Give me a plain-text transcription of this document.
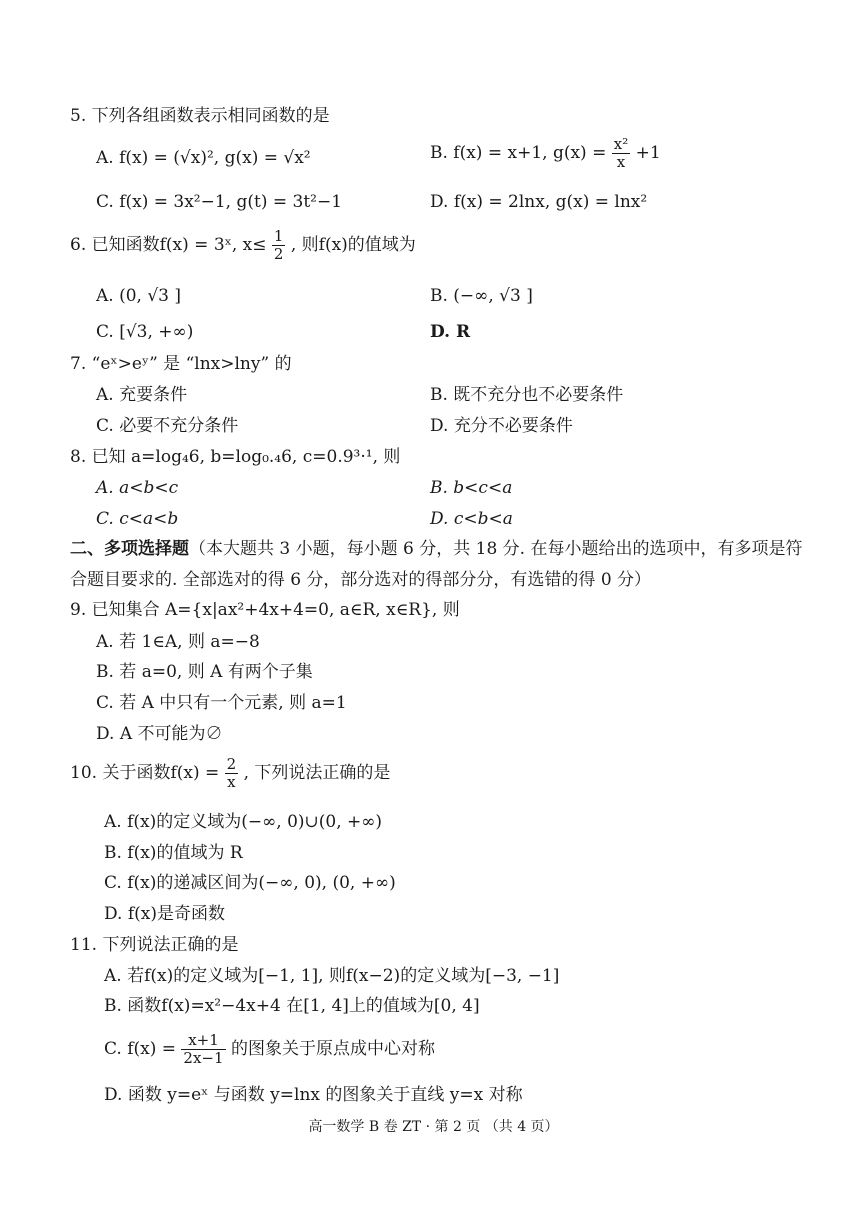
5. 下列各组函数表示相同函数的是
A. f(x) = (√x)², g(x) = √x²	B. f(x) = x+1, $g(x) = \frac{\text{x²}}{x} +1$
C. f(x) = 3x²−1, g(t) = 3t²−1	D. f(x) = 2lnx, g(x) = lnx²
6. 已知函数f(x) = 3ˣ, $x\le \frac{1}{2}$ , 则f(x)的值域为
A. (0, √3 ]	B. (−∞, √3 ]
C. [√3, +∞)	D. R
7. “eˣ>eʸ” 是 “lnx>lny” 的
A. 充要条件	B. 既不充分也不必要条件
C. 必要不充分条件	D. 充分不必要条件
8. 已知 a=log₄6, b=log₀.₄6, c=0.9³·¹, 则
A. a<b<c	B. b<c<a
C. c<a<b	D. c<b<a
二、多项选择题（本大题共 3 小题，每小题 6 分，共 18 分. 在每小题给出的选项中，有多项是符合题目要求的. 全部选对的得 6 分，部分选对的得部分分，有选错的得 0 分）
9. 已知集合 A={x|ax²+4x+4=0, a∈R, x∈R}, 则
A. 若 1∈A, 则 a=−8
B. 若 a=0, 则 A 有两个子集
C. 若 A 中只有一个元素, 则 a=1
D. A 不可能为∅
10. 关于函数$f(x) = \frac{2}{x}$ , 下列说法正确的是
A. f(x)的定义域为(−∞, 0)∪(0, +∞)
B. f(x)的值域为 R
C. f(x)的递减区间为(−∞, 0), (0, +∞)
D. f(x)是奇函数
11. 下列说法正确的是
A. 若f(x)的定义域为[−1, 1], 则f(x−2)的定义域为[−3, −1]
B. 函数f(x)=x²−4x+4 在[1, 4]上的值域为[0, 4]
C. $f(x) = \frac{x+1}{2x-1}$ 的图象关于原点成中心对称
D. 函数 y=eˣ 与函数 y=lnx 的图象关于直线 y=x 对称
高一数学 B 卷 ZT · 第 2 页 （共 4 页）
